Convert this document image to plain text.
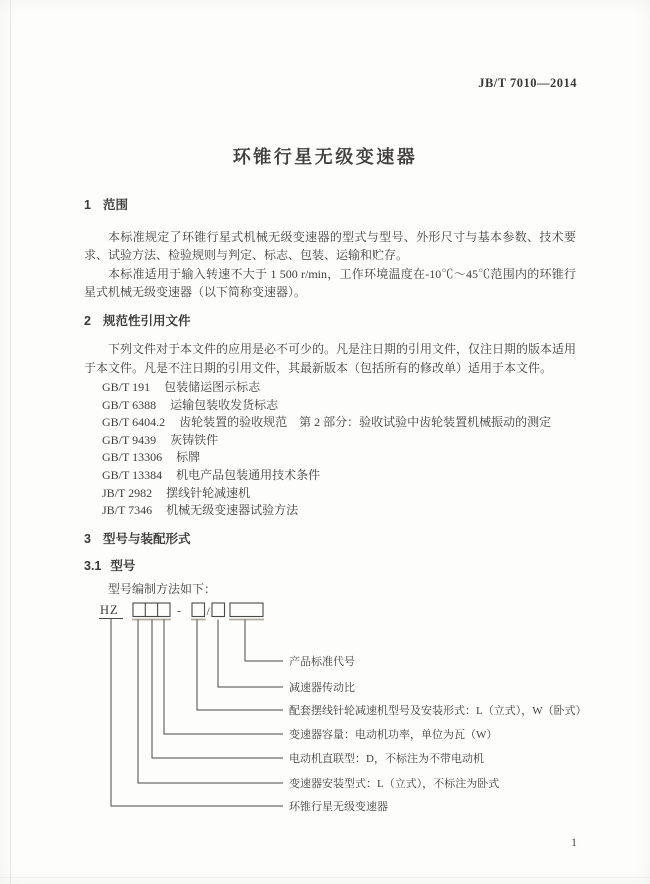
JB/T 7010—2014
环锥行星无级变速器
1 范围

本标准规定了环锥行星式机械无级变速器的型式与型号、外形尺寸与基本参数、技术要求、试验方法、检验规则与判定、标志、包装、运输和贮存。

本标准适用于输入转速不大于 1 500 r/min，工作环境温度在-10℃～45℃范围内的环锥行星式机械无级变速器（以下简称变速器）。

2 规范性引用文件

下列文件对于本文件的应用是必不可少的。凡是注日期的引用文件，仅注日期的版本适用于本文件。凡是不注日期的引用文件，其最新版本（包括所有的修改单）适用于本文件。

GB/T 191 包装储运图示标志
GB/T 6388 运输包装收发货标志
GB/T 6404.2 齿轮装置的验收规范　第 2 部分：验收试验中齿轮装置机械振动的测定
GB/T 9439 灰铸铁件
GB/T 13306 标牌
GB/T 13384 机电产品包装通用技术条件
JB/T 2982 摆线针轮减速机
JB/T 7346 机械无级变速器试验方法
3 型号与装配形式
3.1 型号

型号编制方法如下：

HZ	- /
产品标准代号
减速器传动比
配套摆线针轮减速机型号及安装形式：L（立式），W（卧式）
变速器容量：电动机功率，单位为瓦（W）
电动机直联型：D，不标注为不带电动机
变速器安装型式：L（立式），不标注为卧式
环锥行星无级变速器
1
